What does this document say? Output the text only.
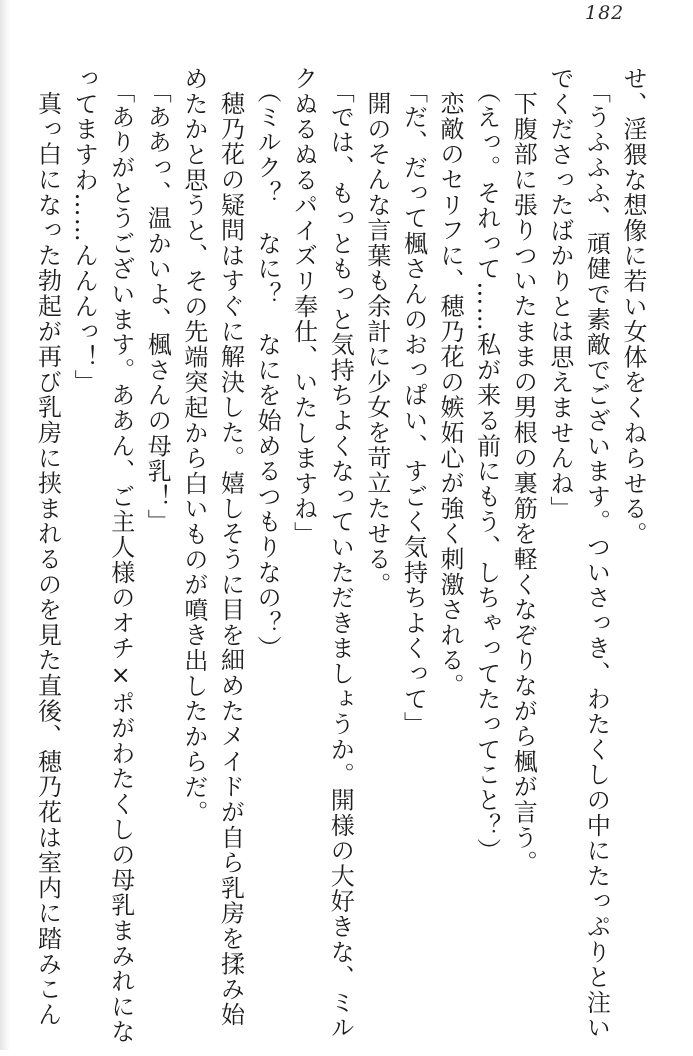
182

せ、淫猥な想像に若い女体をくねらせる。

「うふふふ、頑健で素敵でございます。ついさっき、わたくしの中にたっぷりと注い

でくださったばかりとは思えませんね」

下腹部に張りついたままの男根の裏筋を軽くなぞりながら楓が言う。

（えっ。それって……私が来る前にもう、しちゃってたってこと？）

恋敵のセリフに、穂乃花の嫉妬心が強く刺激される。

「だ、だって楓さんのおっぱい、すごく気持ちよくって」

開のそんな言葉も余計に少女を苛立たせる。

「では、もっともっと気持ちよくなっていただきましょうか。開様の大好きな、ミル

クぬるぬるパイズリ奉仕、いたしますね」

（ミルク？　なに？　なにを始めるつもりなの？）

穂乃花の疑問はすぐに解決した。嬉しそうに目を細めたメイドが自ら乳房を揉み始

めたかと思うと、その先端突起から白いものが噴き出したからだ。

「ああっ、温かいよ、楓さんの母乳！」

「ありがとうございます。ああん、ご主人様のオチ×ポがわたくしの母乳まみれにな

ってますわ……んんんっ！」

真っ白になった勃起が再び乳房に挟まれるのを見た直後、穂乃花は室内に踏みこん
